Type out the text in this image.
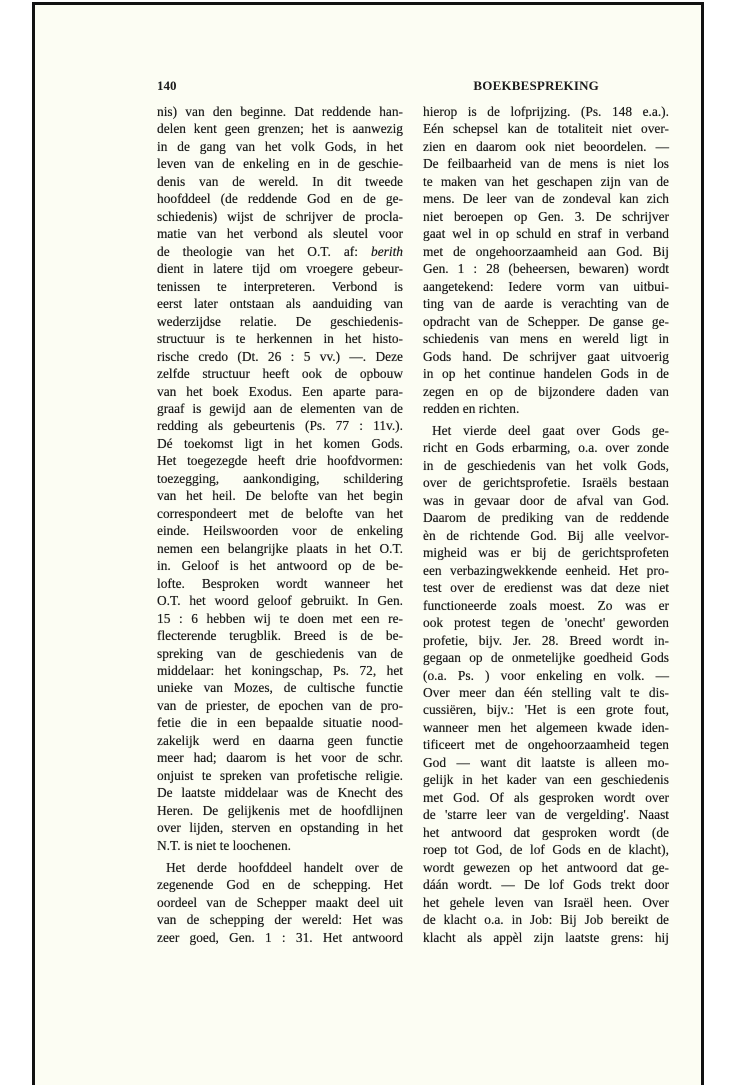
140	BOEKBESPREKING
nis) van den beginne. Dat reddende han-
delen kent geen grenzen; het is aanwezig
in de gang van het volk Gods, in het
leven van de enkeling en in de geschie-
denis van de wereld. In dit tweede
hoofddeel (de reddende God en de ge-
schiedenis) wijst de schrijver de procla-
matie van het verbond als sleutel voor
de theologie van het O.T. af: berith
dient in latere tijd om vroegere gebeur-
tenissen te interpreteren. Verbond is
eerst later ontstaan als aanduiding van
wederzijdse relatie. De geschiedenis-
structuur is te herkennen in het histo-
rische credo (Dt. 26 : 5 vv.) —. Deze
zelfde structuur heeft ook de opbouw
van het boek Exodus. Een aparte para-
graaf is gewijd aan de elementen van de
redding als gebeurtenis (Ps. 77 : 11v.).
Dé toekomst ligt in het komen Gods.
Het toegezegde heeft drie hoofdvormen:
toezegging, aankondiging, schildering
van het heil. De belofte van het begin
correspondeert met de belofte van het
einde. Heilswoorden voor de enkeling
nemen een belangrijke plaats in het O.T.
in. Geloof is het antwoord op de be-
lofte. Besproken wordt wanneer het
O.T. het woord geloof gebruikt. In Gen.
15 : 6 hebben wij te doen met een re-
flecterende terugblik. Breed is de be-
spreking van de geschiedenis van de
middelaar: het koningschap, Ps. 72, het
unieke van Mozes, de cultische functie
van de priester, de epochen van de pro-
fetie die in een bepaalde situatie nood-
zakelijk werd en daarna geen functie
meer had; daarom is het voor de schr.
onjuist te spreken van profetische religie.
De laatste middelaar was de Knecht des
Heren. De gelijkenis met de hoofdlijnen
over lijden, sterven en opstanding in het
N.T. is niet te loochenen.
Het derde hoofddeel handelt over de
zegenende God en de schepping. Het
oordeel van de Schepper maakt deel uit
van de schepping der wereld: Het was
zeer goed, Gen. 1 : 31. Het antwoord
hierop is de lofprijzing. (Ps. 148 e.a.).
Eén schepsel kan de totaliteit niet over-
zien en daarom ook niet beoordelen. —
De feilbaarheid van de mens is niet los
te maken van het geschapen zijn van de
mens. De leer van de zondeval kan zich
niet beroepen op Gen. 3. De schrijver
gaat wel in op schuld en straf in verband
met de ongehoorzaamheid aan God. Bij
Gen. 1 : 28 (beheersen, bewaren) wordt
aangetekend: Iedere vorm van uitbui-
ting van de aarde is verachting van de
opdracht van de Schepper. De ganse ge-
schiedenis van mens en wereld ligt in
Gods hand. De schrijver gaat uitvoerig
in op het continue handelen Gods in de
zegen en op de bijzondere daden van
redden en richten.
Het vierde deel gaat over Gods ge-
richt en Gods erbarming, o.a. over zonde
in de geschiedenis van het volk Gods,
over de gerichtsprofetie. Israëls bestaan
was in gevaar door de afval van God.
Daarom de prediking van de reddende
èn de richtende God. Bij alle veelvor-
migheid was er bij de gerichtsprofeten
een verbazingwekkende eenheid. Het pro-
test over de eredienst was dat deze niet
functioneerde zoals moest. Zo was er
ook protest tegen de 'onecht' geworden
profetie, bijv. Jer. 28. Breed wordt in-
gegaan op de onmetelijke goedheid Gods
(o.a. Ps. ) voor enkeling en volk. —
Over meer dan één stelling valt te dis-
cussiëren, bijv.: 'Het is een grote fout,
wanneer men het algemeen kwade iden-
tificeert met de ongehoorzaamheid tegen
God — want dit laatste is alleen mo-
gelijk in het kader van een geschiedenis
met God. Of als gesproken wordt over
de 'starre leer van de vergelding'. Naast
het antwoord dat gesproken wordt (de
roep tot God, de lof Gods en de klacht),
wordt gewezen op het antwoord dat ge-
dáán wordt. — De lof Gods trekt door
het gehele leven van Israël heen. Over
de klacht o.a. in Job: Bij Job bereikt de
klacht als appèl zijn laatste grens: hij
